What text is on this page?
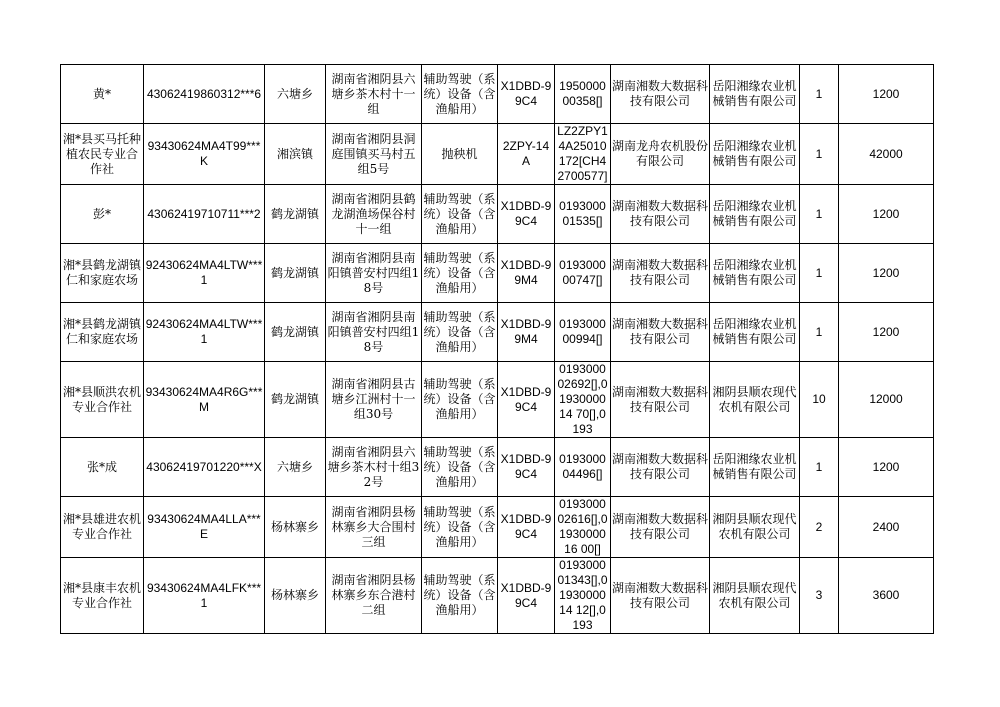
黄*	43062419860312***6	六塘乡	湖南省湘阴县六塘乡茶木村十一组	辅助驾驶（系统）设备（含渔船用）	X1DBD-99C4	195000000358[]	湖南湘数大数据科技有限公司	岳阳湘缘农业机械销售有限公司	1	1200
湘*县买马托种植农民专业合作社	93430624MA4T99***K	湘滨镇	湖南省湘阴县洞庭围镇买马村五组5号	抛秧机	2ZPY-14A	LZ2ZPY14A25010172[CH42700577]	湖南龙舟农机股份有限公司	岳阳湘缘农业机械销售有限公司	1	42000
彭*	43062419710711***2	鹤龙湖镇	湖南省湘阴县鹤龙湖渔场保谷村十一组	辅助驾驶（系统）设备（含渔船用）	X1DBD-99C4	019300001535[]	湖南湘数大数据科技有限公司	岳阳湘缘农业机械销售有限公司	1	1200
湘*县鹤龙湖镇仁和家庭农场	92430624MA4LTW***1	鹤龙湖镇	湖南省湘阴县南阳镇普安村四组18号	辅助驾驶（系统）设备（含渔船用）	X1DBD-99M4	019300000747[]	湖南湘数大数据科技有限公司	岳阳湘缘农业机械销售有限公司	1	1200
湘*县鹤龙湖镇仁和家庭农场	92430624MA4LTW***1	鹤龙湖镇	湖南省湘阴县南阳镇普安村四组18号	辅助驾驶（系统）设备（含渔船用）	X1DBD-99M4	019300000994[]	湖南湘数大数据科技有限公司	岳阳湘缘农业机械销售有限公司	1	1200
湘*县顺洪农机专业合作社	93430624MA4R6G***M	鹤龙湖镇	湖南省湘阴县古塘乡江洲村十一组30号	辅助驾驶（系统）设备（含渔船用）	X1DBD-99C4	019300002692[],0193000014 70[],0193	湖南湘数大数据科技有限公司	湘阴县顺农现代农机有限公司	10	12000
张*成	43062419701220***X	六塘乡	湖南省湘阴县六塘乡茶木村十组32号	辅助驾驶（系统）设备（含渔船用）	X1DBD-99C4	019300004496[]	湖南湘数大数据科技有限公司	岳阳湘缘农业机械销售有限公司	1	1200
湘*县雄进农机专业合作社	93430624MA4LLA***E	杨林寨乡	湖南省湘阴县杨林寨乡大合围村三组	辅助驾驶（系统）设备（含渔船用）	X1DBD-99C4	019300002616[],0193000016 00[]	湖南湘数大数据科技有限公司	湘阴县顺农现代农机有限公司	2	2400
湘*县康丰农机专业合作社	93430624MA4LFK***1	杨林寨乡	湖南省湘阴县杨林寨乡东合港村二组	辅助驾驶（系统）设备（含渔船用）	X1DBD-99C4	019300001343[],0193000014 12[],0193	湖南湘数大数据科技有限公司	湘阴县顺农现代农机有限公司	3	3600
